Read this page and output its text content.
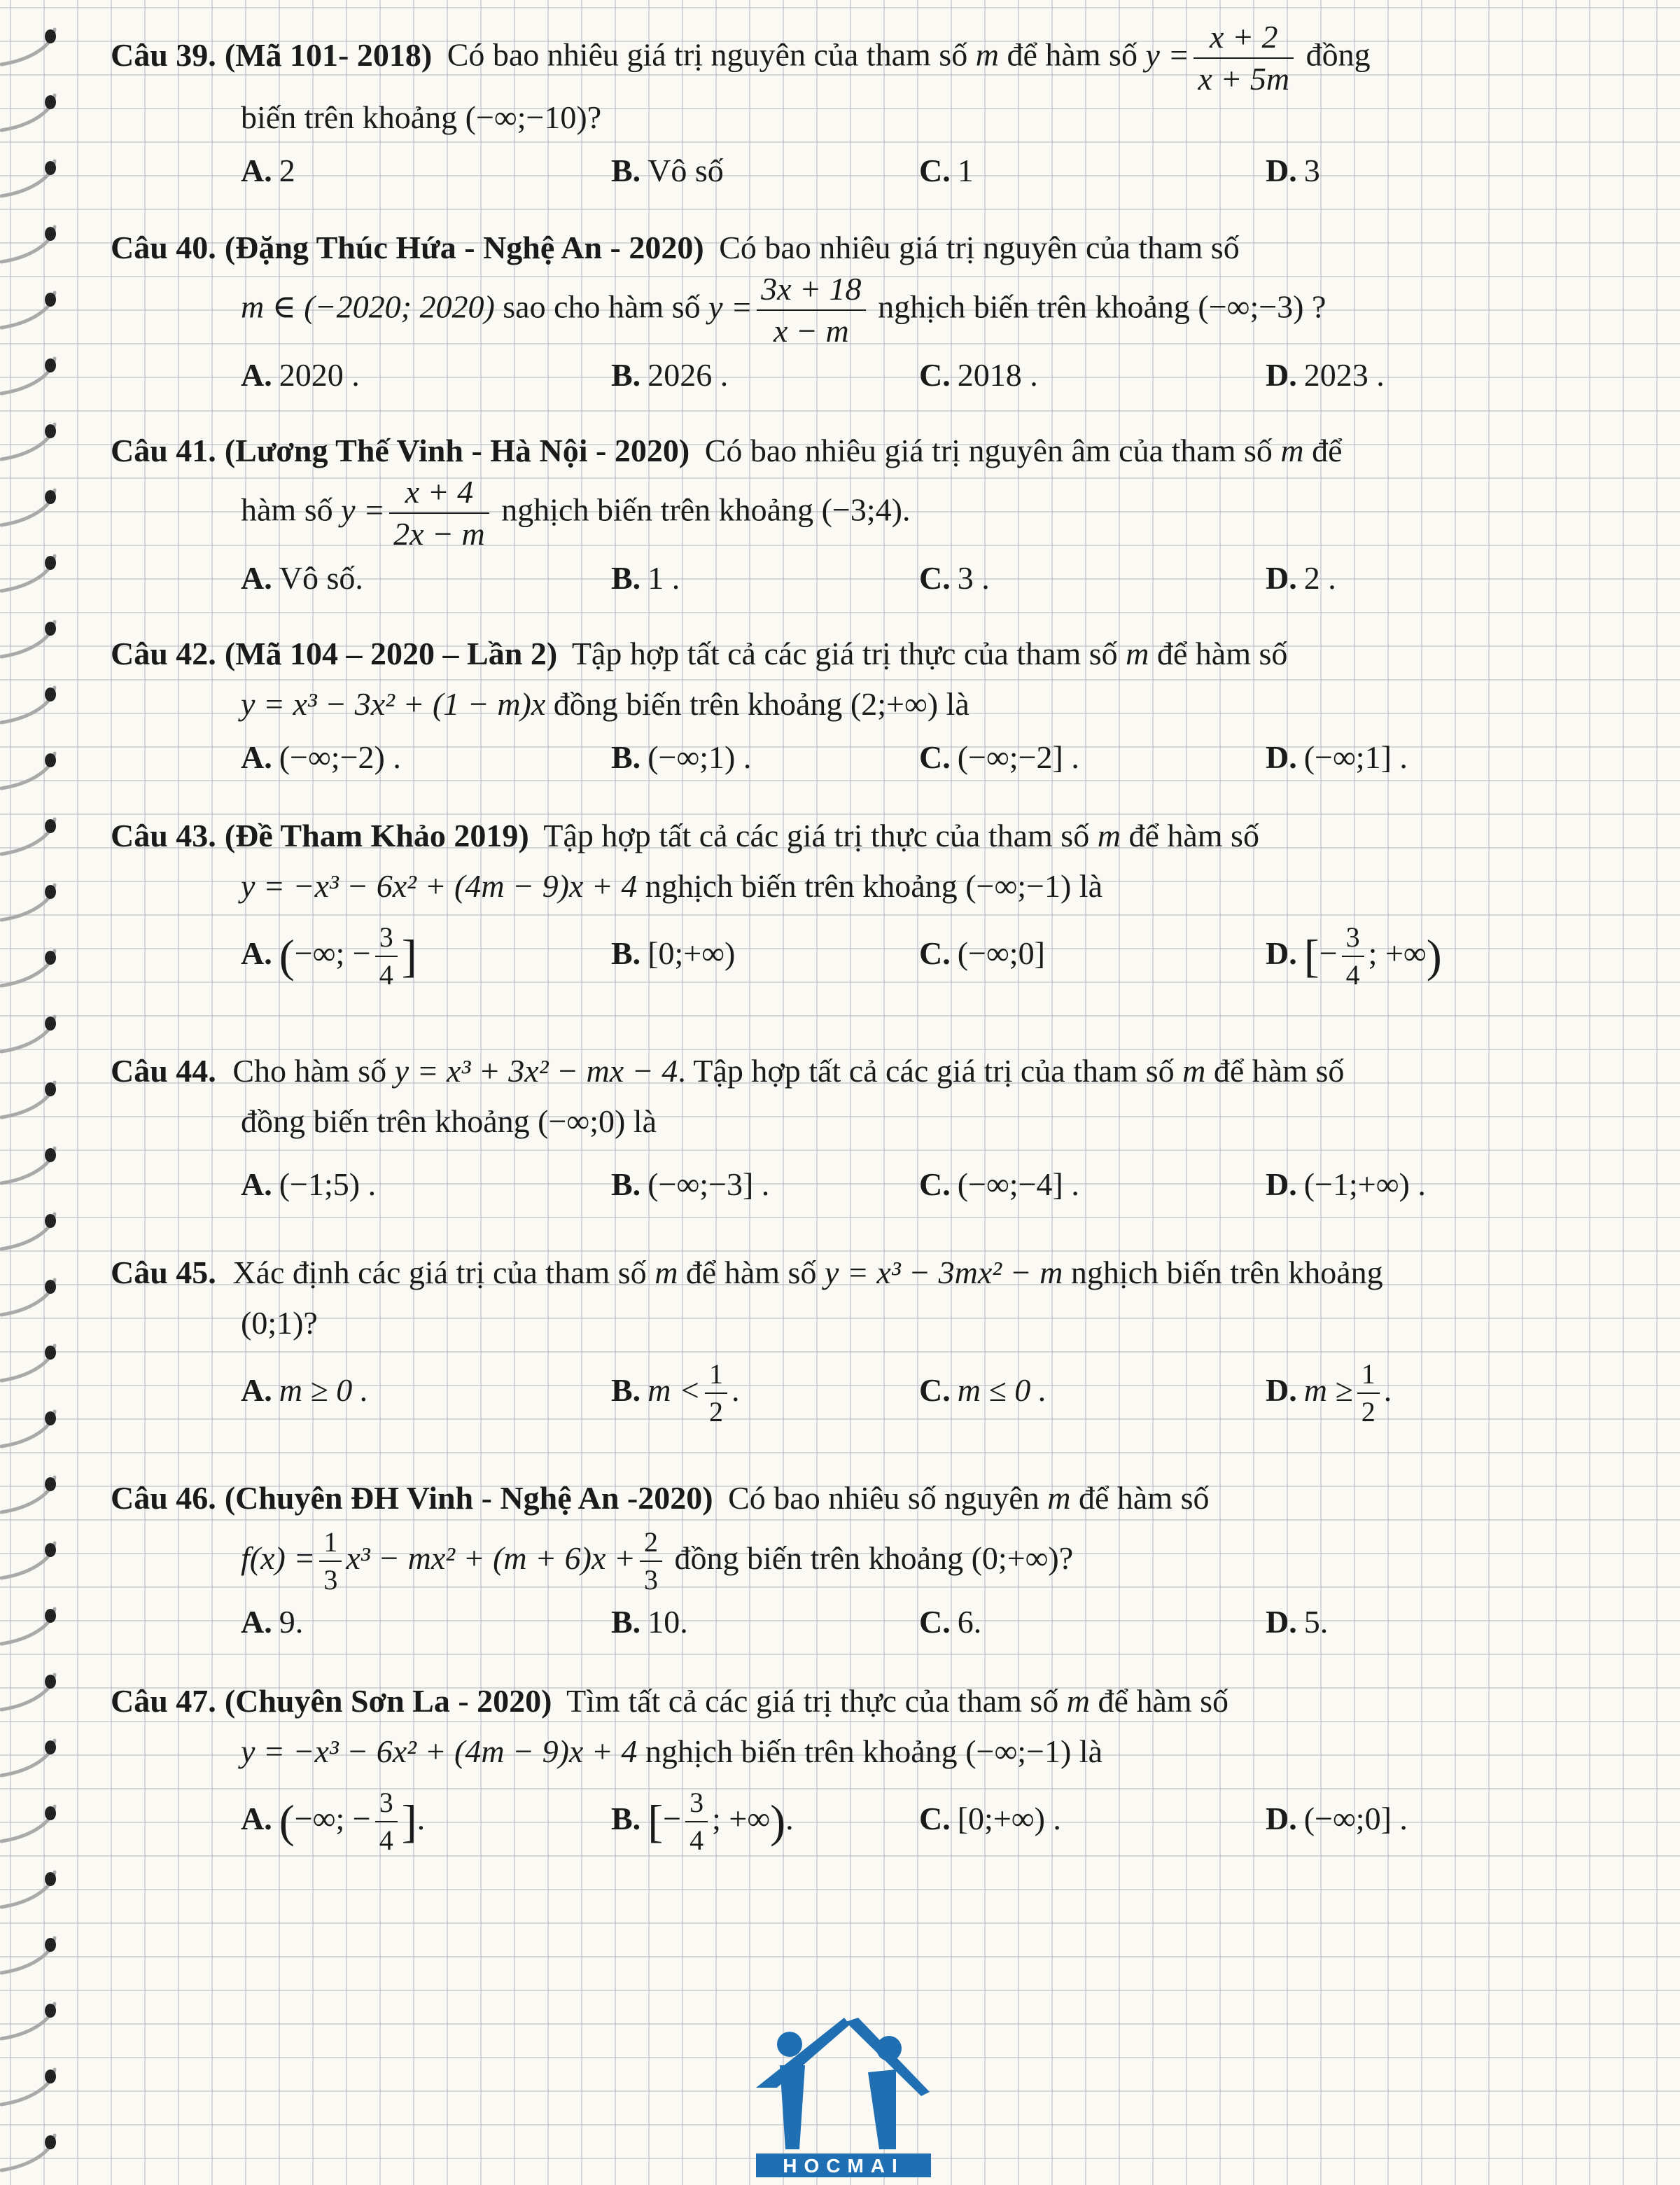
Câu 39. (Mã 101- 2018) Có bao nhiêu giá trị nguyên của tham số m để hàm số $y = \frac{x + 2}{x + 5m}$ đồng
biến trên khoảng (−∞;−10)?
A. 2	B. Vô số	C. 1	D. 3
Câu 40. (Đặng Thúc Hứa - Nghệ An - 2020) Có bao nhiêu giá trị nguyên của tham số
m ∈ (−2020; 2020) sao cho hàm số $y = \frac{3x + 18}{x - m}$ nghịch biến trên khoảng (−∞;−3) ?
A. 2020 .	B. 2026 .	C. 2018 .	D. 2023 .
Câu 41. (Lương Thế Vinh - Hà Nội - 2020) Có bao nhiêu giá trị nguyên âm của tham số m để
hàm số $y = \frac{x + 4}{2x - m}$ nghịch biến trên khoảng (−3;4).
A. Vô số.	B. 1 .	C. 3 .	D. 2 .
Câu 42. (Mã 104 – 2020 – Lần 2) Tập hợp tất cả các giá trị thực của tham số m để hàm số
y = x³ − 3x² + (1 − m)x đồng biến trên khoảng (2;+∞) là
A. (−∞;−2) .	B. (−∞;1) .	C. (−∞;−2] .	D. (−∞;1] .
Câu 43. (Đề Tham Khảo 2019) Tập hợp tất cả các giá trị thực của tham số m để hàm số
y = −x³ − 6x² + (4m − 9)x + 4 nghịch biến trên khoảng (−∞;−1) là
A. (−∞; − $\frac{3}{4}$ ]	B. [0;+∞)	C. (−∞;0]	D. [− $\frac{3}{4}$ ; +∞)
Câu 44. Cho hàm số y = x³ + 3x² − mx − 4. Tập hợp tất cả các giá trị của tham số m để hàm số
đồng biến trên khoảng (−∞;0) là
A. (−1;5) .	B. (−∞;−3] .	C. (−∞;−4] .	D. (−1;+∞) .
Câu 45. Xác định các giá trị của tham số m để hàm số y = x³ − 3mx² − m nghịch biến trên khoảng
(0;1)?
A. m ≥ 0 .	B. $m < \frac{1}{2}$ .	C. m ≤ 0 .	D. $m \ge \frac{1}{2}$ .
Câu 46. (Chuyên ĐH Vinh - Nghệ An -2020) Có bao nhiêu số nguyên m để hàm số
$f(x) = \frac{1}{3} x^3 - mx^2 + (m + 6)x + \frac{2}{3}$ đồng biến trên khoảng (0;+∞)?
A. 9.	B. 10.	C. 6.	D. 5.
Câu 47. (Chuyên Sơn La - 2020) Tìm tất cả các giá trị thực của tham số m để hàm số
y = −x³ − 6x² + (4m − 9)x + 4 nghịch biến trên khoảng (−∞;−1) là
A. (−∞; − $\frac{3}{4}$ ].	B. [− $\frac{3}{4}$ ; +∞).	C. [0;+∞) .	D. (−∞;0] .
HOCMAI
